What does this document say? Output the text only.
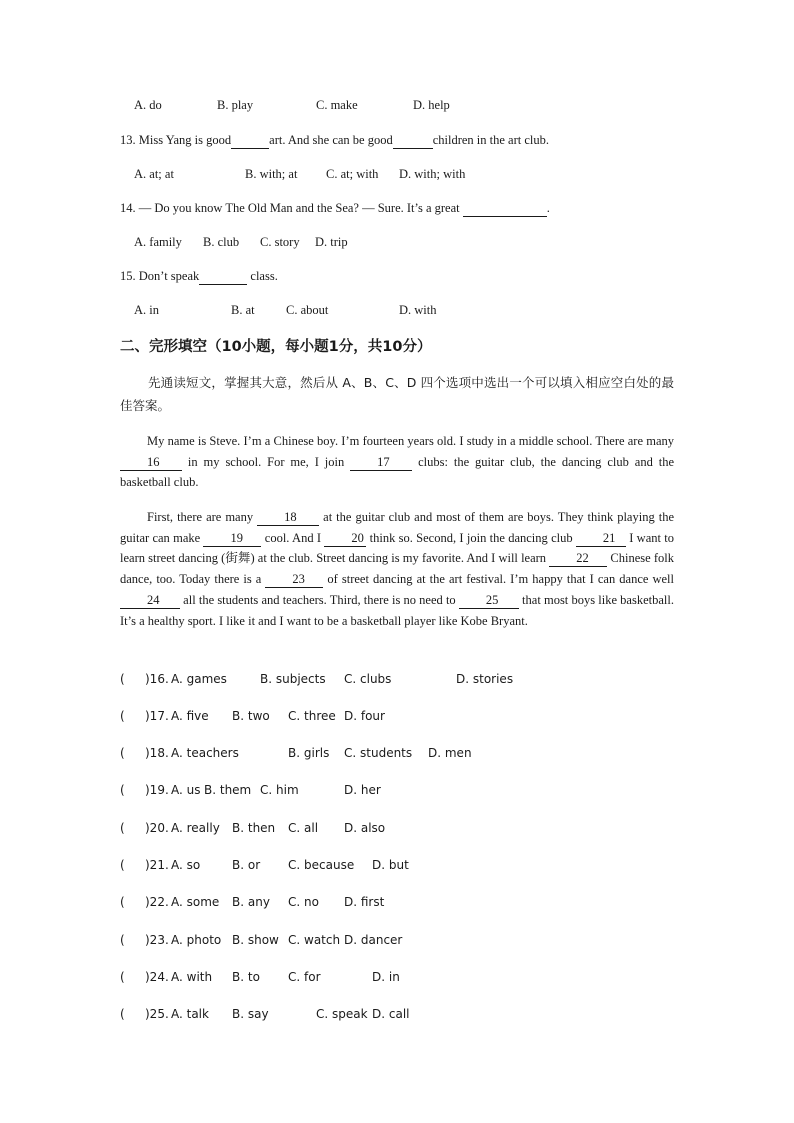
A. do	B. play	C. make	D. help
13. Miss Yang is good	art. And she can be good	children in the art club.
A. at; at	B. with; at C. at; with D. with; with
14. — Do you know The Old Man and the Sea? — Sure. It’s a great	.
A. family B. club C. story D. trip
15. Don’t speak	class.
A. in	B. at	C. about	D. with
二、完形填空（10小题，每小题1分，共10分）
先通读短文，掌握其大意，然后从 A、B、C、D 四个选项中选出一个可以填入相应空白处的最佳答案。
My name is Steve. I’m a Chinese boy. I’m fourteen years old. I study in a middle school. There are many 16 in my school. For me, I join 17 clubs: the guitar club, the dancing club and the basketball club.
First, there are many 18 at the guitar club and most of them are boys. They think playing the guitar can make 19 cool. And I 20 think so. Second, I join the dancing club 21 I want to learn street dancing (街舞) at the club. Street dancing is my favorite. And I will learn 22 Chinese folk dance, too. Today there is a 23 of street dancing at the art festival. I’m happy that I can dance well 24 all the students and teachers. Third, there is no need to 25 that most boys like basketball. It’s a healthy sport. I like it and I want to be a basketball player like Kobe Bryant.
( )16. A. games	B. subjects C. clubs	D. stories
( )17. A. five B. two C. three D. four
( )18. A. teachers	B. girls C. students D. men
( )19. A. us B. them C. him	D. her
( )20. A. really B. then C. all D. also
( )21. A. so	B. or C. because D. but
( )22. A. some B. any C. no D. first
( )23. A. photo B. show C. watch D. dancer
( )24. A. with B. to C. for	D. in
( )25. A. talk B. say	C. speak D. call
